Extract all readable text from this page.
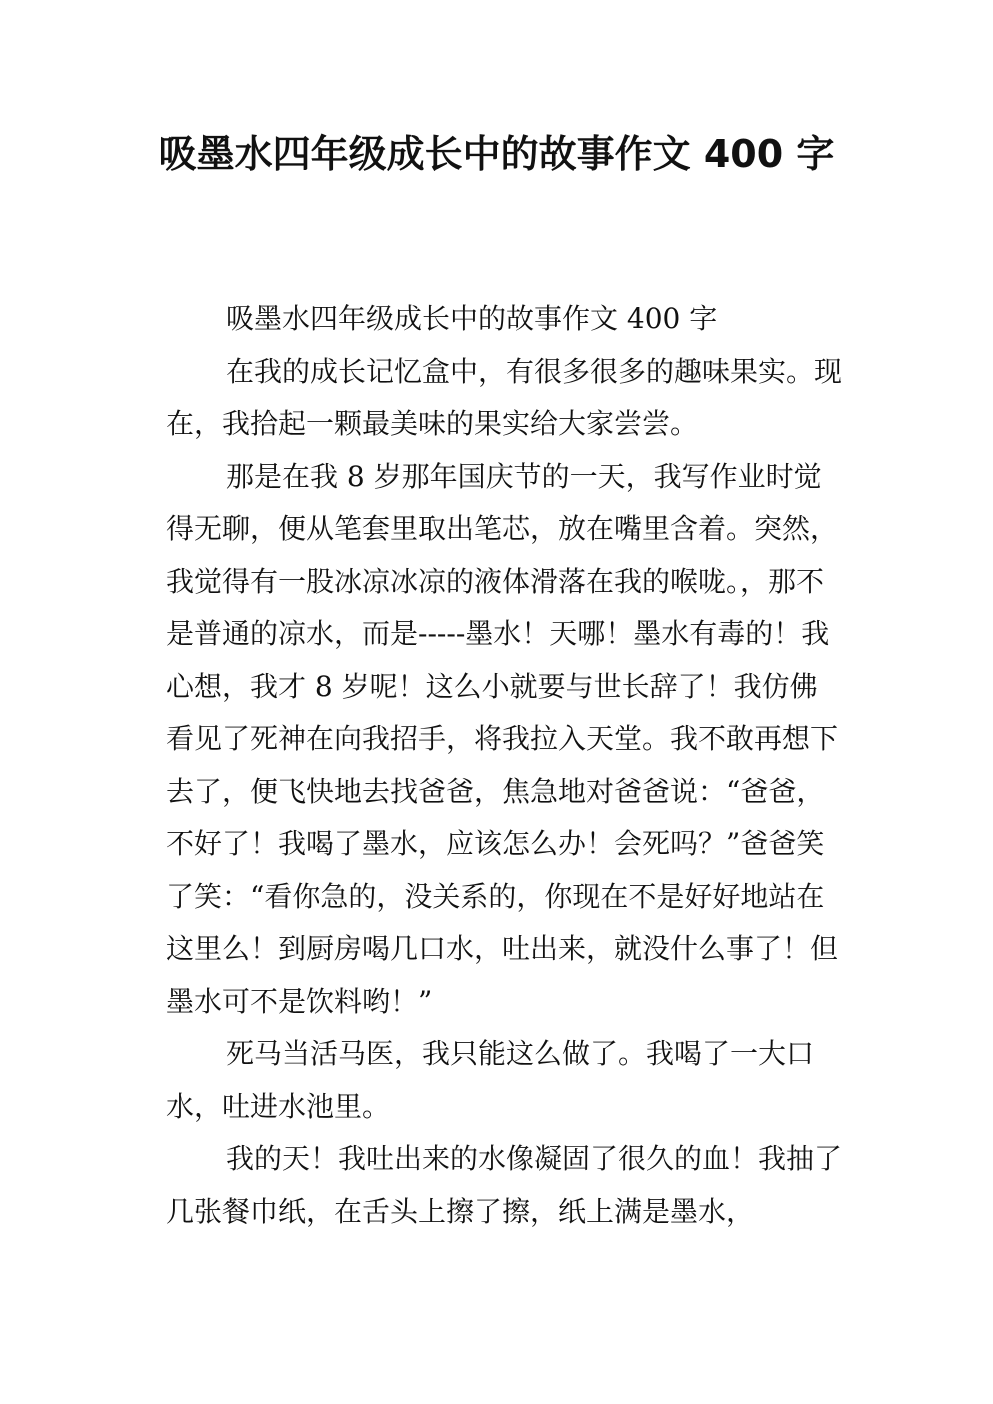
吸墨水四年级成长中的故事作文 400 字

吸墨水四年级成长中的故事作文 400 字

在我的成长记忆盒中，有很多很多的趣味果实。现在，我拾起一颗最美味的果实给大家尝尝。

那是在我 8 岁那年国庆节的一天，我写作业时觉得无聊，便从笔套里取出笔芯，放在嘴里含着。突然，我觉得有一股冰凉冰凉的液体滑落在我的喉咙。，那不是普通的凉水，而是-----墨水！天哪！墨水有毒的！我心想，我才 8 岁呢！这么小就要与世长辞了！我仿佛看见了死神在向我招手，将我拉入天堂。我不敢再想下去了，便飞快地去找爸爸，焦急地对爸爸说：“爸爸，不好了！我喝了墨水，应该怎么办！会死吗？”爸爸笑了笑：“看你急的，没关系的，你现在不是好好地站在这里么！到厨房喝几口水，吐出来，就没什么事了！但墨水可不是饮料哟！”

死马当活马医，我只能这么做了。我喝了一大口水，吐进水池里。

我的天！我吐出来的水像凝固了很久的血！我抽了几张餐巾纸，在舌头上擦了擦，纸上满是墨水，
